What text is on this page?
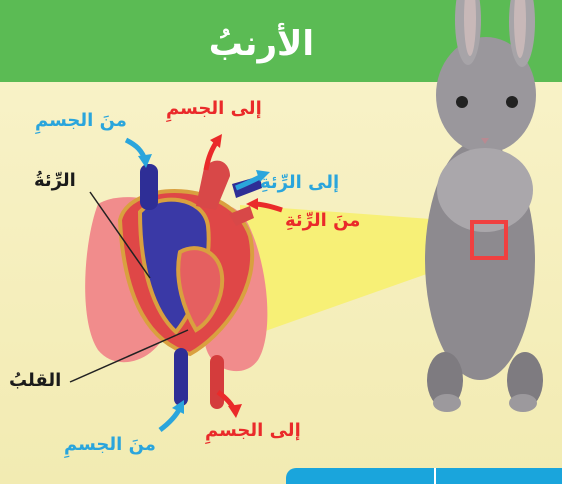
الأرنبُ
منَ الجسمِ
إلى الجسمِ
إلى الرِّئةِ
منَ الرِّئةِ
الرِّئةُ
القلبُ
إلى الجسمِ
منَ الجسمِ
